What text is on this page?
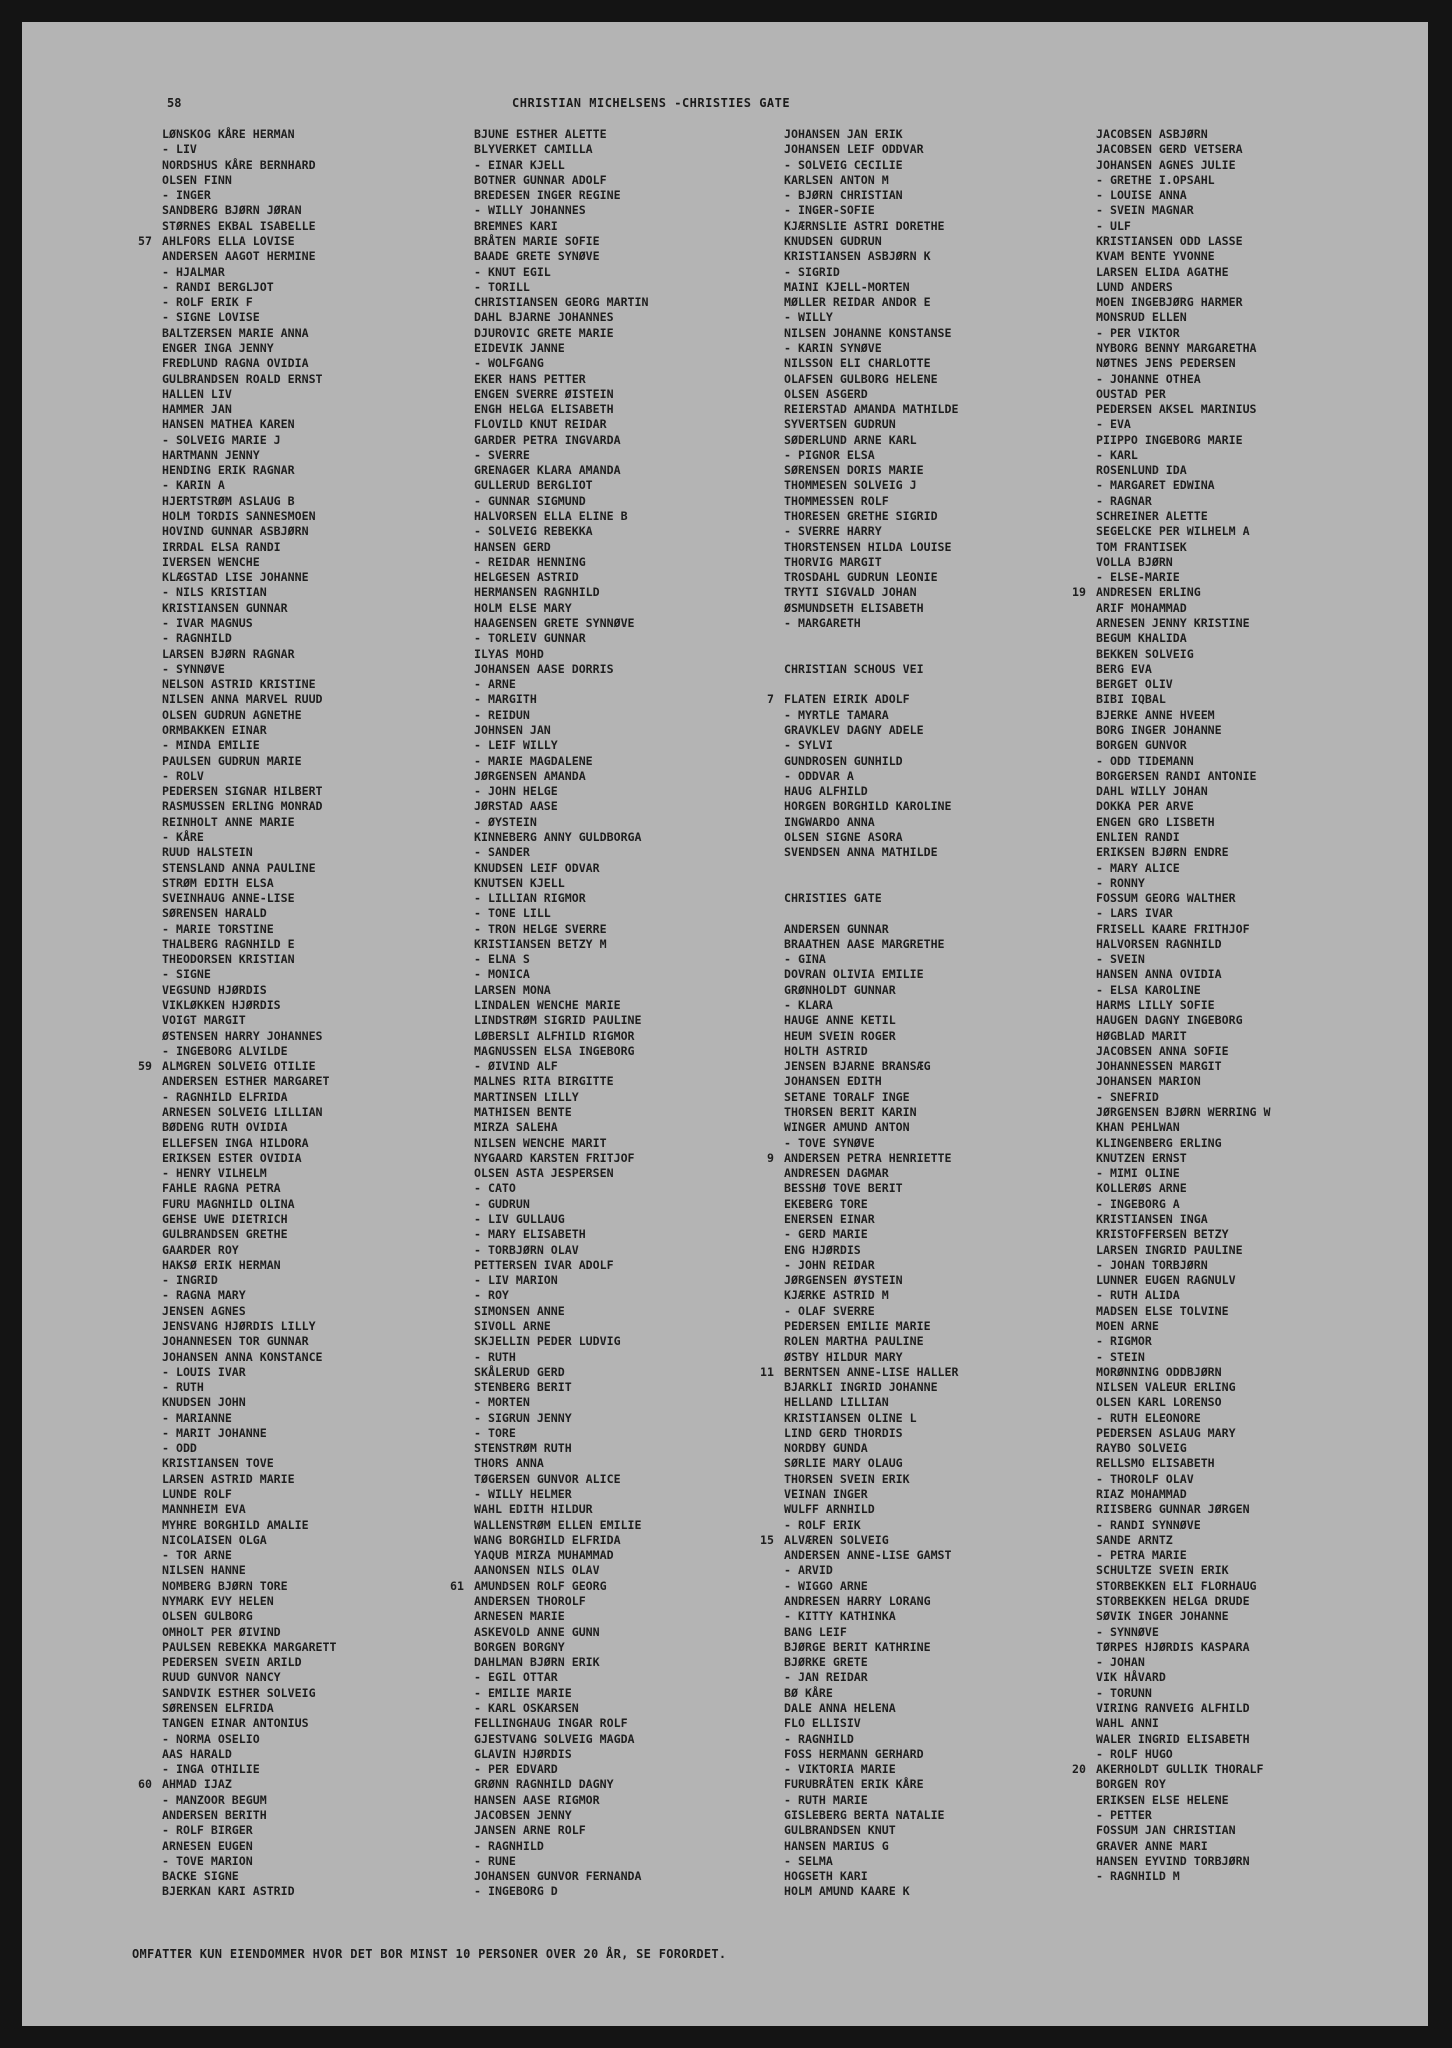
58	CHRISTIAN MICHELSENS -CHRISTIES GATE
LØNSKOG KÅRE HERMAN
- LIV
NORDSHUS KÅRE BERNHARD
OLSEN FINN
- INGER
SANDBERG BJØRN JØRAN
STØRNES EKBAL ISABELLE
57 AHLFORS ELLA LOVISE
ANDERSEN AAGOT HERMINE
- HJALMAR
- RANDI BERGLJOT
- ROLF ERIK F
- SIGNE LOVISE
BALTZERSEN MARIE ANNA
ENGER INGA JENNY
FREDLUND RAGNA OVIDIA
GULBRANDSEN ROALD ERNST
HALLEN LIV
HAMMER JAN
HANSEN MATHEA KAREN
- SOLVEIG MARIE J
HARTMANN JENNY
HENDING ERIK RAGNAR
- KARIN A
HJERTSTRØM ASLAUG B
HOLM TORDIS SANNESMOEN
HOVIND GUNNAR ASBJØRN
IRRDAL ELSA RANDI
IVERSEN WENCHE
KLÆGSTAD LISE JOHANNE
- NILS KRISTIAN
KRISTIANSEN GUNNAR
- IVAR MAGNUS
- RAGNHILD
LARSEN BJØRN RAGNAR
- SYNNØVE
NELSON ASTRID KRISTINE
NILSEN ANNA MARVEL RUUD
OLSEN GUDRUN AGNETHE
ORMBAKKEN EINAR
- MINDA EMILIE
PAULSEN GUDRUN MARIE
- ROLV
PEDERSEN SIGNAR HILBERT
RASMUSSEN ERLING MONRAD
REINHOLT ANNE MARIE
- KÅRE
RUUD HALSTEIN
STENSLAND ANNA PAULINE
STRØM EDITH ELSA
SVEINHAUG ANNE-LISE
SØRENSEN HARALD
- MARIE TORSTINE
THALBERG RAGNHILD E
THEODORSEN KRISTIAN
- SIGNE
VEGSUND HJØRDIS
VIKLØKKEN HJØRDIS
VOIGT MARGIT
ØSTENSEN HARRY JOHANNES
- INGEBORG ALVILDE
59 ALMGREN SOLVEIG OTILIE
ANDERSEN ESTHER MARGARET
- RAGNHILD ELFRIDA
ARNESEN SOLVEIG LILLIAN
BØDENG RUTH OVIDIA
ELLEFSEN INGA HILDORA
ERIKSEN ESTER OVIDIA
- HENRY VILHELM
FAHLE RAGNA PETRA
FURU MAGNHILD OLINA
GEHSE UWE DIETRICH
GULBRANDSEN GRETHE
GAARDER ROY
HAKSØ ERIK HERMAN
- INGRID
- RAGNA MARY
JENSEN AGNES
JENSVANG HJØRDIS LILLY
JOHANNESEN TOR GUNNAR
JOHANSEN ANNA KONSTANCE
- LOUIS IVAR
- RUTH
KNUDSEN JOHN
- MARIANNE
- MARIT JOHANNE
- ODD
KRISTIANSEN TOVE
LARSEN ASTRID MARIE
LUNDE ROLF
MANNHEIM EVA
MYHRE BORGHILD AMALIE
NICOLAISEN OLGA
- TOR ARNE
NILSEN HANNE
NOMBERG BJØRN TORE
NYMARK EVY HELEN
OLSEN GULBORG
OMHOLT PER ØIVIND
PAULSEN REBEKKA MARGARETT
PEDERSEN SVEIN ARILD
RUUD GUNVOR NANCY
SANDVIK ESTHER SOLVEIG
SØRENSEN ELFRIDA
TANGEN EINAR ANTONIUS
- NORMA OSELIO
AAS HARALD
- INGA OTHILIE
60 AHMAD IJAZ
- MANZOOR BEGUM
ANDERSEN BERITH
- ROLF BIRGER
ARNESEN EUGEN
- TOVE MARION
BACKE SIGNE
BJERKAN KARI ASTRID
BJUNE ESTHER ALETTE
BLYVERKET CAMILLA
- EINAR KJELL
BOTNER GUNNAR ADOLF
BREDESEN INGER REGINE
- WILLY JOHANNES
BREMNES KARI
BRÅTEN MARIE SOFIE
BAADE GRETE SYNØVE
- KNUT EGIL
- TORILL
CHRISTIANSEN GEORG MARTIN
DAHL BJARNE JOHANNES
DJUROVIC GRETE MARIE
EIDEVIK JANNE
- WOLFGANG
EKER HANS PETTER
ENGEN SVERRE ØISTEIN
ENGH HELGA ELISABETH
FLOVILD KNUT REIDAR
GARDER PETRA INGVARDA
- SVERRE
GRENAGER KLARA AMANDA
GULLERUD BERGLIOT
- GUNNAR SIGMUND
HALVORSEN ELLA ELINE B
- SOLVEIG REBEKKA
HANSEN GERD
- REIDAR HENNING
HELGESEN ASTRID
HERMANSEN RAGNHILD
HOLM ELSE MARY
HAAGENSEN GRETE SYNNØVE
- TORLEIV GUNNAR
ILYAS MOHD
JOHANSEN AASE DORRIS
- ARNE
- MARGITH
- REIDUN
JOHNSEN JAN
- LEIF WILLY
- MARIE MAGDALENE
JØRGENSEN AMANDA
- JOHN HELGE
JØRSTAD AASE
- ØYSTEIN
KINNEBERG ANNY GULDBORGA
- SANDER
KNUDSEN LEIF ODVAR
KNUTSEN KJELL
- LILLIAN RIGMOR
- TONE LILL
- TRON HELGE SVERRE
KRISTIANSEN BETZY M
- ELNA S
- MONICA
LARSEN MONA
LINDALEN WENCHE MARIE
LINDSTRØM SIGRID PAULINE
LØBERSLI ALFHILD RIGMOR
MAGNUSSEN ELSA INGEBORG
- ØIVIND ALF
MALNES RITA BIRGITTE
MARTINSEN LILLY
MATHISEN BENTE
MIRZA SALEHA
NILSEN WENCHE MARIT
NYGAARD KARSTEN FRITJOF
OLSEN ASTA JESPERSEN
- CATO
- GUDRUN
- LIV GULLAUG
- MARY ELISABETH
- TORBJØRN OLAV
PETTERSEN IVAR ADOLF
- LIV MARION
- ROY
SIMONSEN ANNE
SIVOLL ARNE
SKJELLIN PEDER LUDVIG
- RUTH
SKÅLERUD GERD
STENBERG BERIT
- MORTEN
- SIGRUN JENNY
- TORE
STENSTRØM RUTH
THORS ANNA
TØGERSEN GUNVOR ALICE
- WILLY HELMER
WAHL EDITH HILDUR
WALLENSTRØM ELLEN EMILIE
WANG BORGHILD ELFRIDA
YAQUB MIRZA MUHAMMAD
AANONSEN NILS OLAV
61 AMUNDSEN ROLF GEORG
ANDERSEN THOROLF
ARNESEN MARIE
ASKEVOLD ANNE GUNN
BORGEN BORGNY
DAHLMAN BJØRN ERIK
- EGIL OTTAR
- EMILIE MARIE
- KARL OSKARSEN
FELLINGHAUG INGAR ROLF
GJESTVANG SOLVEIG MAGDA
GLAVIN HJØRDIS
- PER EDVARD
GRØNN RAGNHILD DAGNY
HANSEN AASE RIGMOR
JACOBSEN JENNY
JANSEN ARNE ROLF
- RAGNHILD
- RUNE
JOHANSEN GUNVOR FERNANDA
- INGEBORG D
JOHANSEN JAN ERIK
JOHANSEN LEIF ODDVAR
- SOLVEIG CECILIE
KARLSEN ANTON M
- BJØRN CHRISTIAN
- INGER-SOFIE
KJÆRNSLIE ASTRI DORETHE
KNUDSEN GUDRUN
KRISTIANSEN ASBJØRN K
- SIGRID
MAINI KJELL-MORTEN
MØLLER REIDAR ANDOR E
- WILLY
NILSEN JOHANNE KONSTANSE
- KARIN SYNØVE
NILSSON ELI CHARLOTTE
OLAFSEN GULBORG HELENE
OLSEN ASGERD
REIERSTAD AMANDA MATHILDE
SYVERTSEN GUDRUN
SØDERLUND ARNE KARL
- PIGNOR ELSA
SØRENSEN DORIS MARIE
THOMMESEN SOLVEIG J
THOMMESSEN ROLF
THORESEN GRETHE SIGRID
- SVERRE HARRY
THORSTENSEN HILDA LOUISE
THORVIG MARGIT
TROSDAHL GUDRUN LEONIE
TRYTI SIGVALD JOHAN
ØSMUNDSETH ELISABETH
- MARGARETH
CHRISTIAN SCHOUS VEI
7 FLATEN EIRIK ADOLF
- MYRTLE TAMARA
GRAVKLEV DAGNY ADELE
- SYLVI
GUNDROSEN GUNHILD
- ODDVAR A
HAUG ALFHILD
HORGEN BORGHILD KAROLINE
INGWARDO ANNA
OLSEN SIGNE ASORA
SVENDSEN ANNA MATHILDE
CHRISTIES GATE
ANDERSEN GUNNAR
BRAATHEN AASE MARGRETHE
- GINA
DOVRAN OLIVIA EMILIE
GRØNHOLDT GUNNAR
- KLARA
HAUGE ANNE KETIL
HEUM SVEIN ROGER
HOLTH ASTRID
JENSEN BJARNE BRANSÆG
JOHANSEN EDITH
SETANE TORALF INGE
THORSEN BERIT KARIN
WINGER AMUND ANTON
- TOVE SYNØVE
9 ANDERSEN PETRA HENRIETTE
ANDRESEN DAGMAR
BESSHØ TOVE BERIT
EKEBERG TORE
ENERSEN EINAR
- GERD MARIE
ENG HJØRDIS
- JOHN REIDAR
JØRGENSEN ØYSTEIN
KJÆRKE ASTRID M
- OLAF SVERRE
PEDERSEN EMILIE MARIE
ROLEN MARTHA PAULINE
ØSTBY HILDUR MARY
11 BERNTSEN ANNE-LISE HALLER
BJARKLI INGRID JOHANNE
HELLAND LILLIAN
KRISTIANSEN OLINE L
LIND GERD THORDIS
NORDBY GUNDA
SØRLIE MARY OLAUG
THORSEN SVEIN ERIK
VEINAN INGER
WULFF ARNHILD
- ROLF ERIK
15 ALVÆREN SOLVEIG
ANDERSEN ANNE-LISE GAMST
- ARVID
- WIGGO ARNE
ANDRESEN HARRY LORANG
- KITTY KATHINKA
BANG LEIF
BJØRGE BERIT KATHRINE
BJØRKE GRETE
- JAN REIDAR
BØ KÅRE
DALE ANNA HELENA
FLO ELLISIV
- RAGNHILD
FOSS HERMANN GERHARD
- VIKTORIA MARIE
FURUBRÅTEN ERIK KÅRE
- RUTH MARIE
GISLEBERG BERTA NATALIE
GULBRANDSEN KNUT
HANSEN MARIUS G
- SELMA
HOGSETH KARI
HOLM AMUND KAARE K
JACOBSEN ASBJØRN
JACOBSEN GERD VETSERA
JOHANSEN AGNES JULIE
- GRETHE I.OPSAHL
- LOUISE ANNA
- SVEIN MAGNAR
- ULF
KRISTIANSEN ODD LASSE
KVAM BENTE YVONNE
LARSEN ELIDA AGATHE
LUND ANDERS
MOEN INGEBJØRG HARMER
MONSRUD ELLEN
- PER VIKTOR
NYBORG BENNY MARGARETHA
NØTNES JENS PEDERSEN
- JOHANNE OTHEA
OUSTAD PER
PEDERSEN AKSEL MARINIUS
- EVA
PIIPPO INGEBORG MARIE
- KARL
ROSENLUND IDA
- MARGARET EDWINA
- RAGNAR
SCHREINER ALETTE
SEGELCKE PER WILHELM A
TOM FRANTISEK
VOLLA BJØRN
- ELSE-MARIE
19 ANDRESEN ERLING
ARIF MOHAMMAD
ARNESEN JENNY KRISTINE
BEGUM KHALIDA
BEKKEN SOLVEIG
BERG EVA
BERGET OLIV
BIBI IQBAL
BJERKE ANNE HVEEM
BORG INGER JOHANNE
BORGEN GUNVOR
- ODD TIDEMANN
BORGERSEN RANDI ANTONIE
DAHL WILLY JOHAN
DOKKA PER ARVE
ENGEN GRO LISBETH
ENLIEN RANDI
ERIKSEN BJØRN ENDRE
- MARY ALICE
- RONNY
FOSSUM GEORG WALTHER
- LARS IVAR
FRISELL KAARE FRITHJOF
HALVORSEN RAGNHILD
- SVEIN
HANSEN ANNA OVIDIA
- ELSA KAROLINE
HARMS LILLY SOFIE
HAUGEN DAGNY INGEBORG
HØGBLAD MARIT
JACOBSEN ANNA SOFIE
JOHANNESSEN MARGIT
JOHANSEN MARION
- SNEFRID
JØRGENSEN BJØRN WERRING W
KHAN PEHLWAN
KLINGENBERG ERLING
KNUTZEN ERNST
- MIMI OLINE
KOLLERØS ARNE
- INGEBORG A
KRISTIANSEN INGA
KRISTOFFERSEN BETZY
LARSEN INGRID PAULINE
- JOHAN TORBJØRN
LUNNER EUGEN RAGNULV
- RUTH ALIDA
MADSEN ELSE TOLVINE
MOEN ARNE
- RIGMOR
- STEIN
MORØNNING ODDBJØRN
NILSEN VALEUR ERLING
OLSEN KARL LORENSO
- RUTH ELEONORE
PEDERSEN ASLAUG MARY
RAYBO SOLVEIG
RELLSMO ELISABETH
- THOROLF OLAV
RIAZ MOHAMMAD
RIISBERG GUNNAR JØRGEN
- RANDI SYNNØVE
SANDE ARNTZ
- PETRA MARIE
SCHULTZE SVEIN ERIK
STORBEKKEN ELI FLORHAUG
STORBEKKEN HELGA DRUDE
SØVIK INGER JOHANNE
- SYNNØVE
TØRPES HJØRDIS KASPARA
- JOHAN
VIK HÅVARD
- TORUNN
VIRING RANVEIG ALFHILD
WAHL ANNI
WALER INGRID ELISABETH
- ROLF HUGO
20 AKERHOLDT GULLIK THORALF
BORGEN ROY
ERIKSEN ELSE HELENE
- PETTER
FOSSUM JAN CHRISTIAN
GRAVER ANNE MARI
HANSEN EYVIND TORBJØRN
- RAGNHILD M
OMFATTER KUN EIENDOMMER HVOR DET BOR MINST 10 PERSONER OVER 20 ÅR, SE FORORDET.
